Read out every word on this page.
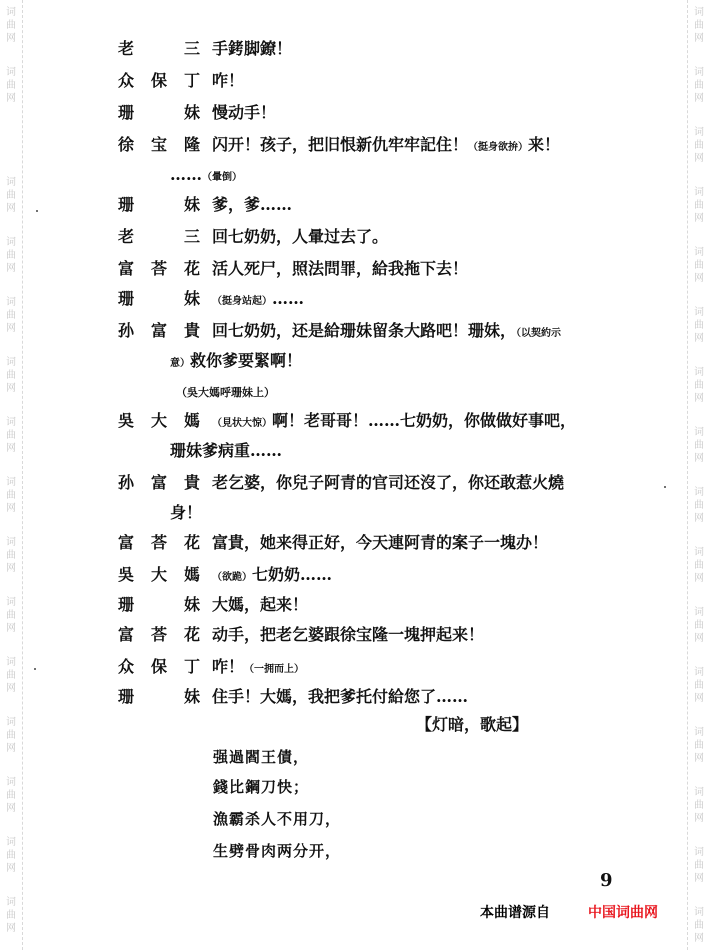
词
曲
网
词
曲
网
词
曲
网
词
曲
网
词
曲
网
词
曲
网
词
曲
网
词
曲
网
词
曲
网
词
曲
网
词
曲
网
词
曲
网
词
曲
网
词
曲
网
词
曲
网
词
曲
网
词
曲
网
词
曲
网
词
曲
网
词
曲
网
词
曲
网
词
曲
网
词
曲
网
词
曲
网
词
曲
网
词
曲
网
词
曲
网
词
曲
网
词
曲
网
词
曲
网
词
曲
网
老三 手銬脚鐐！
众保丁 咋！
珊妹 慢动手！
徐宝隆 闪开！孩子，把旧恨新仇牢牢記住！（挺身欲拚）来！
……（暈倒）
珊妹 爹，爹……
老三 回七奶奶，人暈过去了。
富荅花 活人死尸，照法問罪，給我拖下去！
珊妹 （挺身站起）……
孙富貴 回七奶奶，还是給珊妹留条大路吧！珊妹，（以契約示
意）救你爹要緊啊！
（吳大媽呼珊妹上）
吳大媽 （見状大惊）啊！老哥哥！……七奶奶，你做做好事吧，
珊妹爹病重……
孙富貴 老乞婆，你兒子阿青的官司还沒了，你还敢惹火燒
身！
富荅花 富貴，她来得正好，今天連阿青的案子一塊办！
吳大媽 （欲跪）七奶奶……
珊妹 大媽，起来！
富荅花 动手，把老乞婆跟徐宝隆一塊押起来！
众保丁 咋！（一拥而上）
珊妹 住手！大媽，我把爹托付給您了……
【灯暗，歌起】
强過閻王債，
錢比鋼刀快；
漁霸杀人不用刀，
生劈骨肉两分开，
9
本曲谱源自	中国词曲网
